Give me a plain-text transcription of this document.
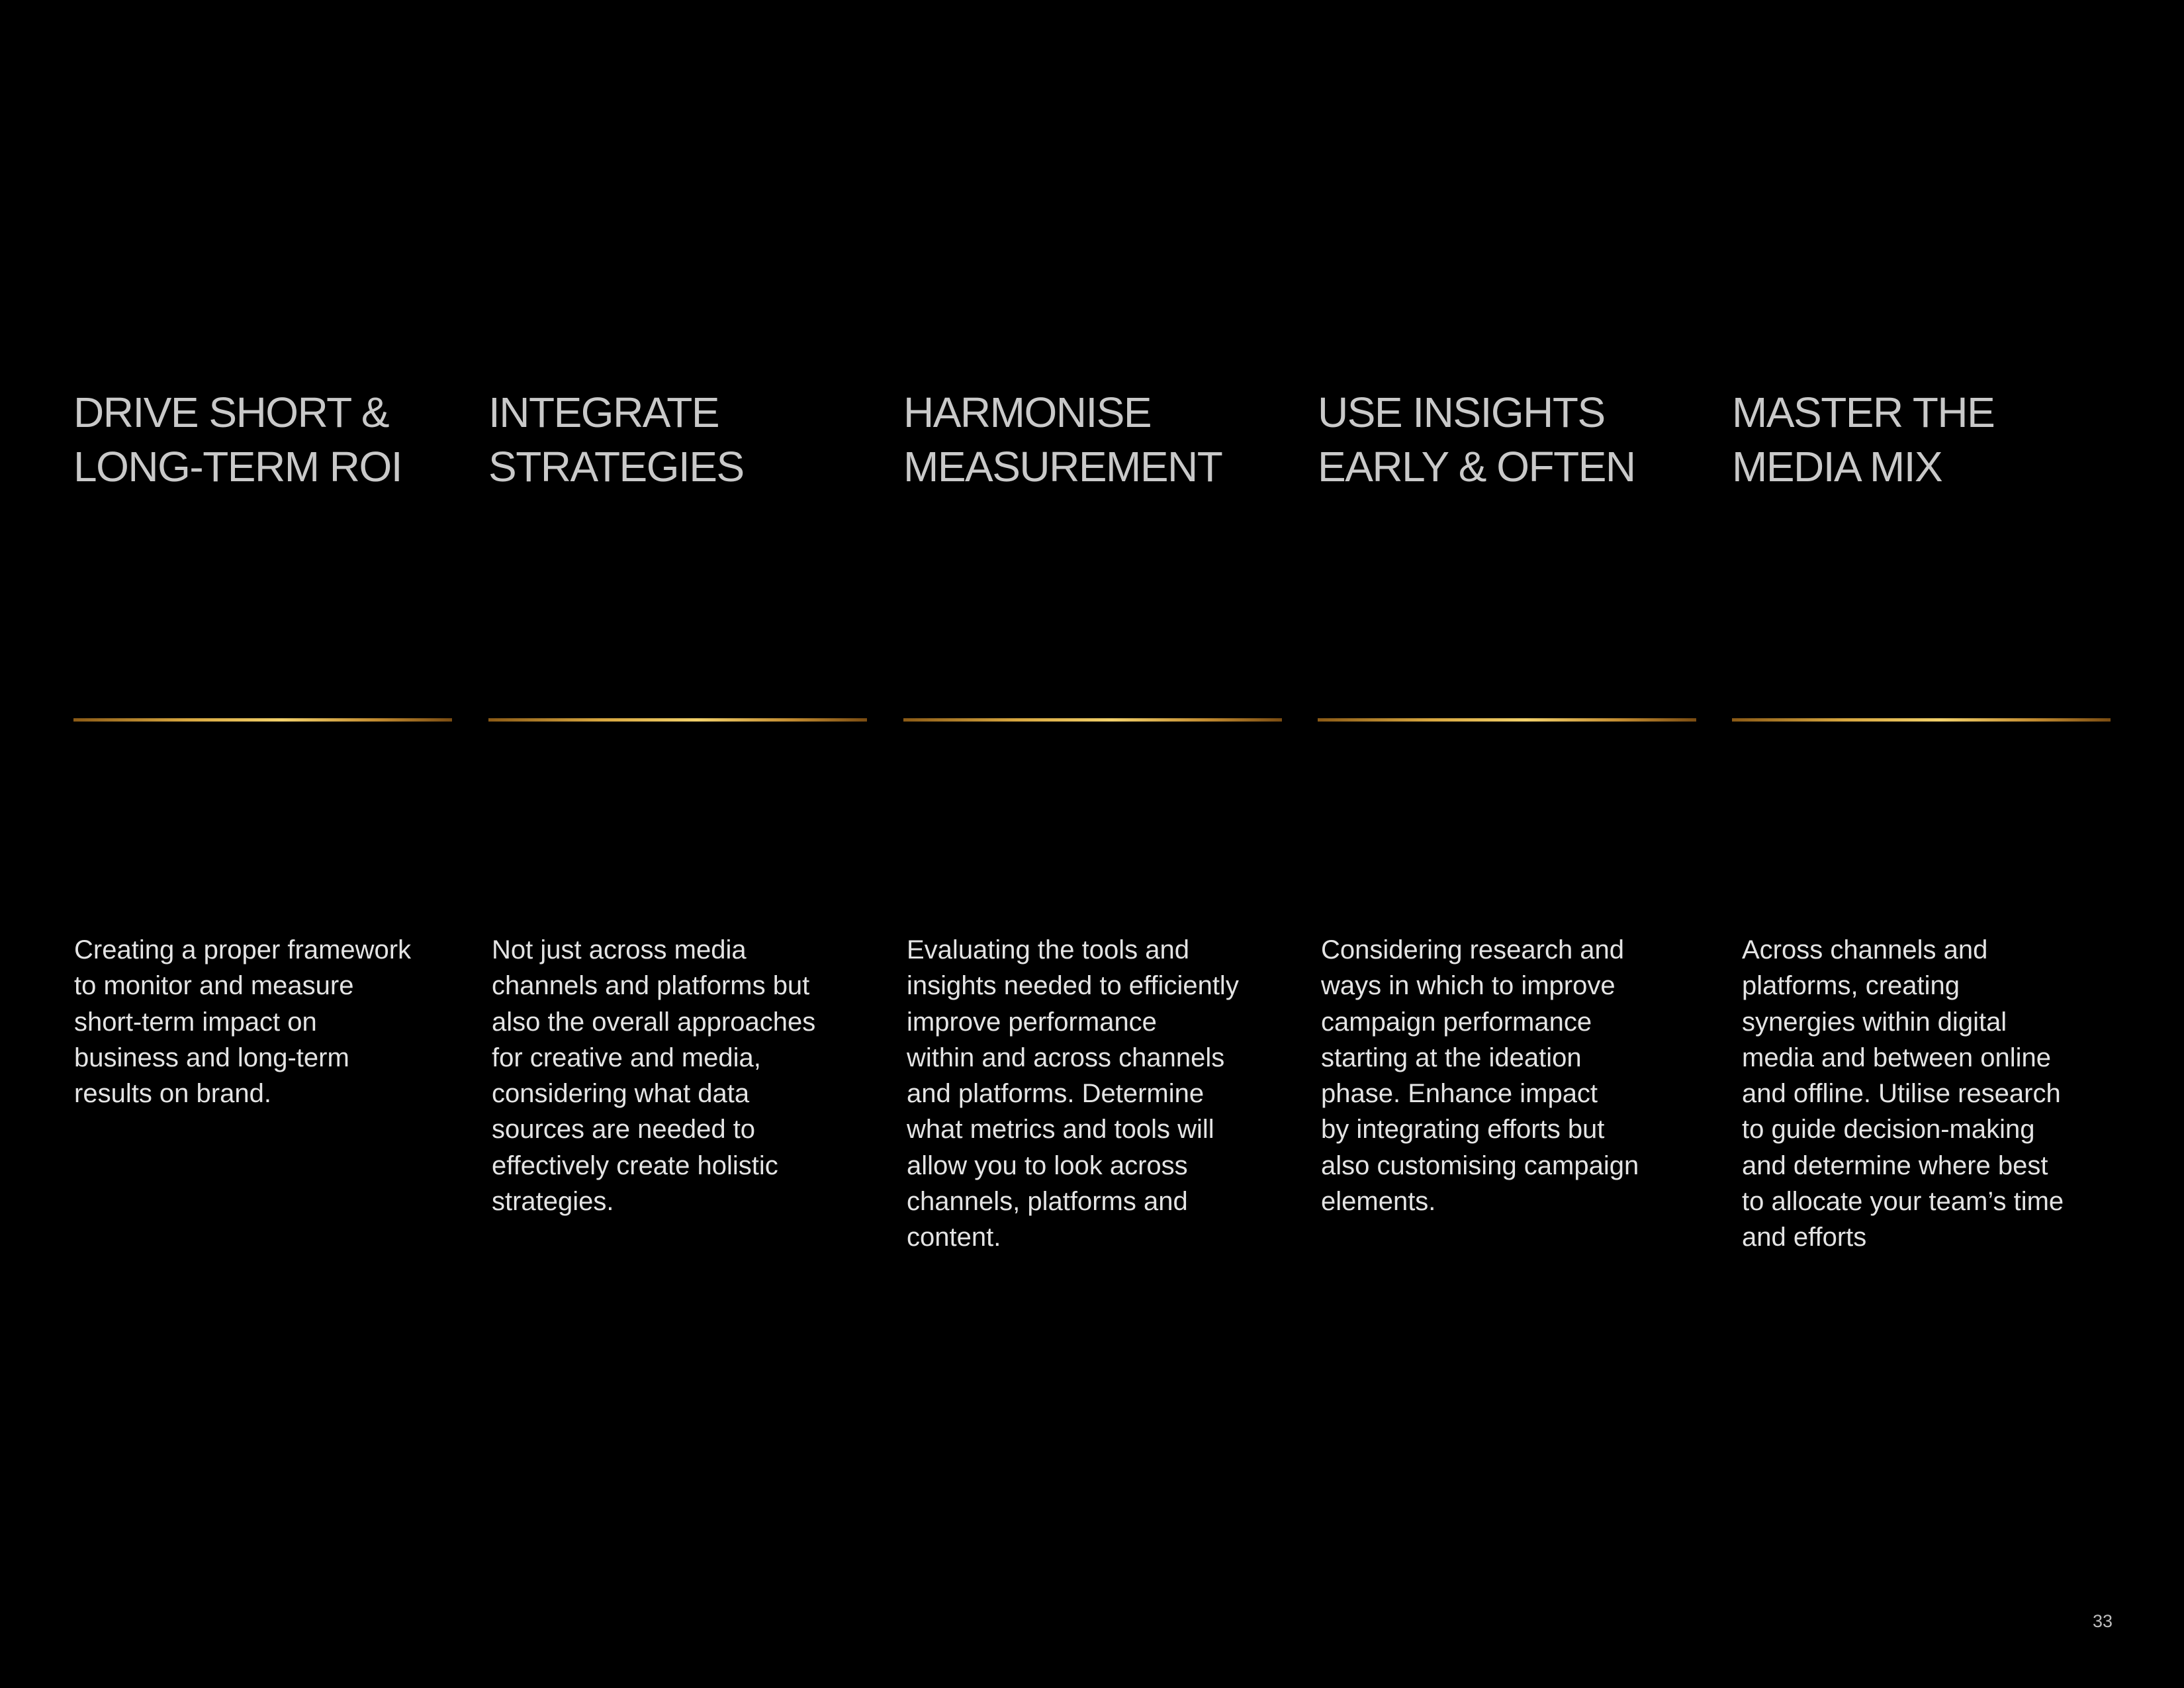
DRIVE SHORT &
LONG-TERM ROI

Creating a proper framework
to monitor and measure
short-term impact on
business and long-term
results on brand.

INTEGRATE
STRATEGIES

Not just across media
channels and platforms but
also the overall approaches
for creative and media,
considering what data
sources are needed to
effectively create holistic
strategies.

HARMONISE
MEASUREMENT

Evaluating the tools and
insights needed to efficiently
improve performance
within and across channels
and platforms. Determine
what metrics and tools will
allow you to look across
channels, platforms and
content.

USE INSIGHTS
EARLY & OFTEN

Considering research and
ways in which to improve
campaign performance
starting at the ideation
phase. Enhance impact
by integrating efforts but
also customising campaign
elements.

MASTER THE
MEDIA MIX

Across channels and
platforms, creating
synergies within digital
media and between online
and offline. Utilise research
to guide decision-making
and determine where best
to allocate your team’s time
and efforts

33
